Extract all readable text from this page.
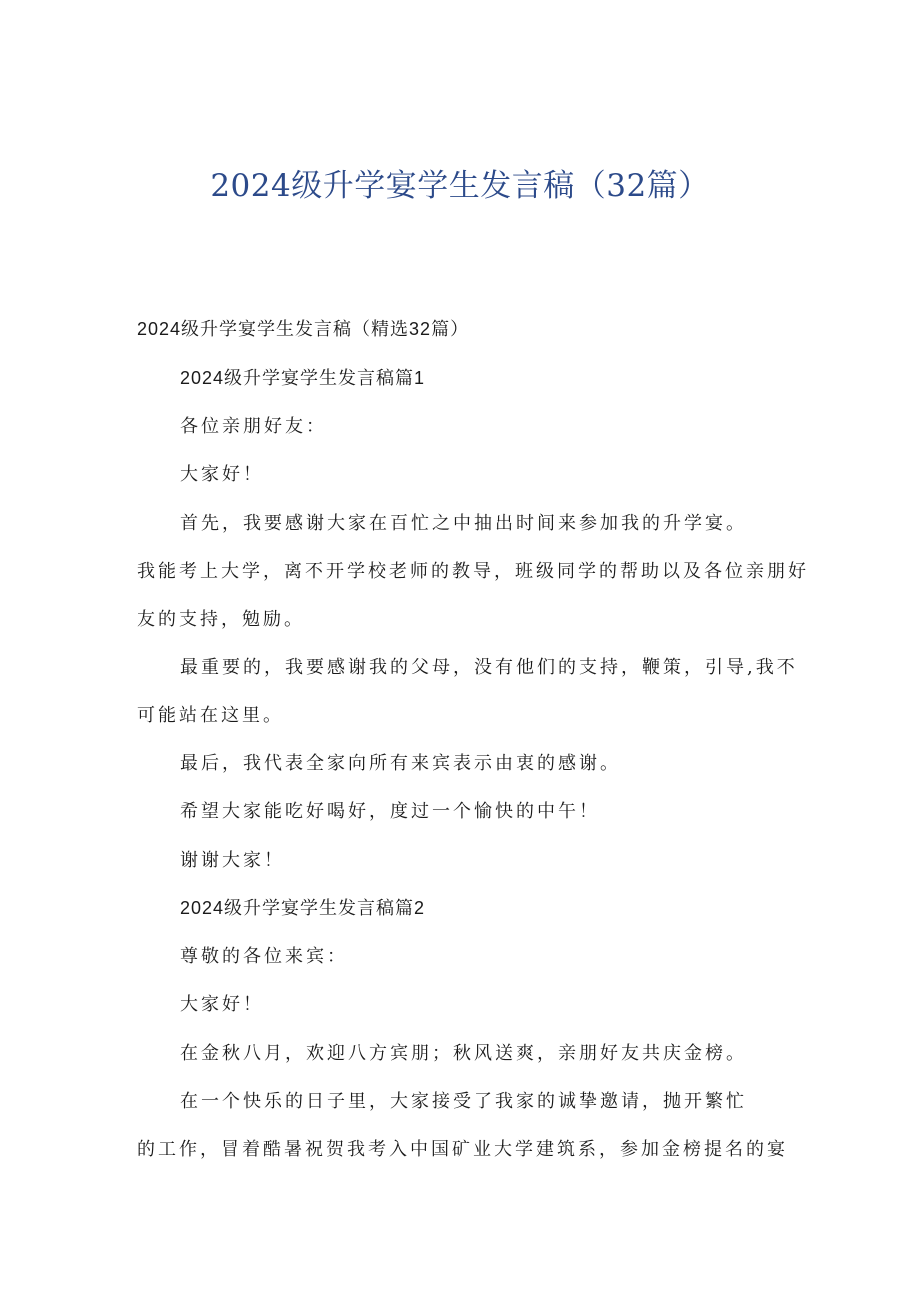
2024级升学宴学生发言稿（32篇）
2024级升学宴学生发言稿（精选32篇）
2024级升学宴学生发言稿篇1
各位亲朋好友：
大家好！
首先，我要感谢大家在百忙之中抽出时间来参加我的升学宴。
我能考上大学，离不开学校老师的教导，班级同学的帮助以及各位亲朋好
友的支持，勉励。
最重要的，我要感谢我的父母，没有他们的支持，鞭策，引导,我不
可能站在这里。
最后，我代表全家向所有来宾表示由衷的感谢。
希望大家能吃好喝好，度过一个愉快的中午！
谢谢大家！
2024级升学宴学生发言稿篇2
尊敬的各位来宾：
大家好！
在金秋八月，欢迎八方宾朋；秋风送爽，亲朋好友共庆金榜。
在一个快乐的日子里，大家接受了我家的诚挚邀请，抛开繁忙
的工作，冒着酷暑祝贺我考入中国矿业大学建筑系，参加金榜提名的宴
